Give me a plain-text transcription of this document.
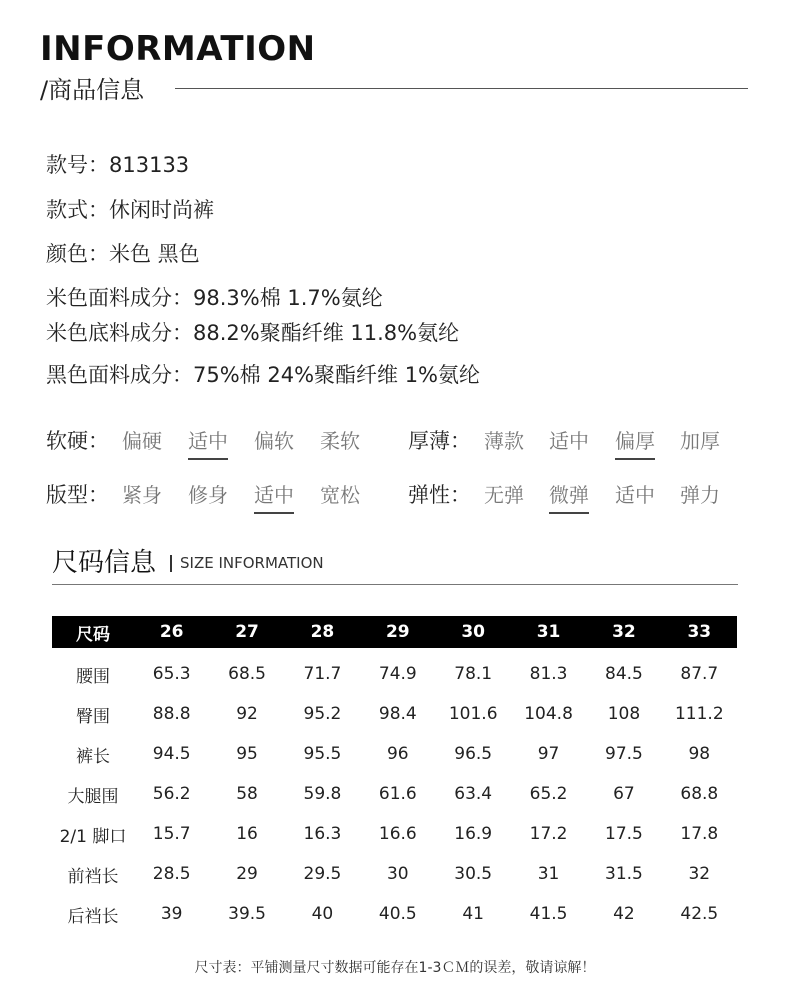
INFORMATION
/商品信息
款号：813133
款式：休闲时尚裤
颜色：米色 黑色
米色面料成分：98.3%棉 1.7%氨纶
米色底料成分：88.2%聚酯纤维 11.8%氨纶
黑色面料成分：75%棉 24%聚酯纤维 1%氨纶
软硬： 偏硬 适中 偏软 柔软 厚薄： 薄款 适中 偏厚 加厚
版型： 紧身 修身 适中 宽松 弹性： 无弹 微弹 适中 弹力
尺码信息 SIZE INFORMATION
尺码	26	27	28	29	30	31	32	33
腰围	65.3	68.5	71.7	74.9	78.1	81.3	84.5	87.7
臀围	88.8	92	95.2	98.4	101.6	104.8	108	111.2
裤长	94.5	95	95.5	96	96.5	97	97.5	98
大腿围	56.2	58	59.8	61.6	63.4	65.2	67	68.8
2/1 脚口	15.7	16	16.3	16.6	16.9	17.2	17.5	17.8
前裆长	28.5	29	29.5	30	30.5	31	31.5	32
后裆长	39	39.5	40	40.5	41	41.5	42	42.5
尺寸表：平铺测量尺寸数据可能存在1-3ＣＭ的误差，敬请谅解！
